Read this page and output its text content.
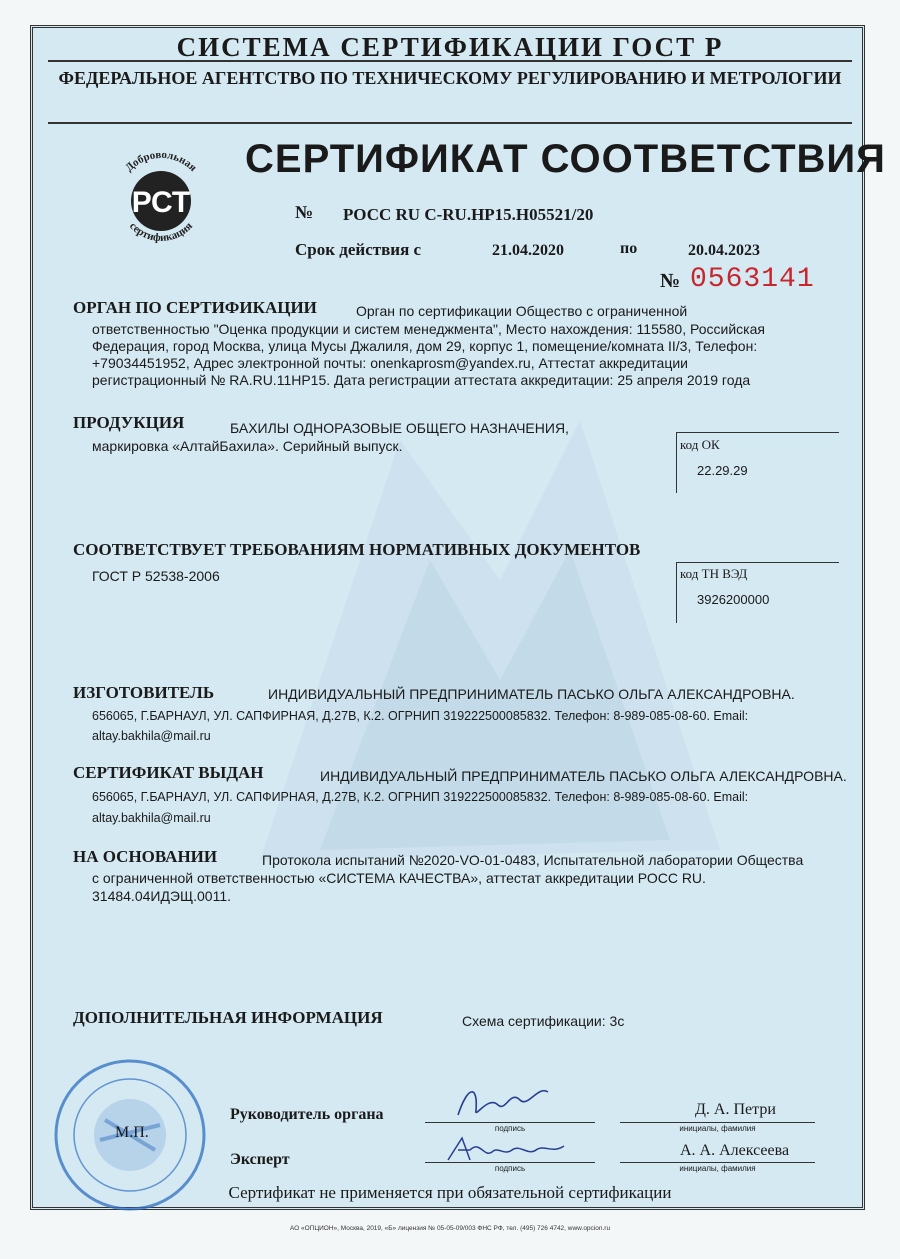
СИСТЕМА СЕРТИФИКАЦИИ ГОСТ Р
ФЕДЕРАЛЬНОЕ АГЕНТСТВО ПО ТЕХНИЧЕСКОМУ РЕГУЛИРОВАНИЮ И МЕТРОЛОГИИ
РСТ
Добровольная
сертификация
СЕРТИФИКАТ СООТВЕТСТВИЯ
№ РОСС RU C-RU.НР15.Н05521/20
Срок действия с	21.04.2020	по	20.04.2023
№ 0563141
ОРГАН ПО СЕРТИФИКАЦИИ	Орган по сертификации Общество с ограниченной
ответственностью "Оценка продукции и систем менеджмента", Место нахождения: 115580, Российская
Федерация, город Москва, улица Мусы Джалиля, дом 29, корпус 1, помещение/комната II/3, Телефон:
+79034451952, Адрес электронной почты: onenkaprosm@yandex.ru, Аттестат аккредитации
регистрационный № RA.RU.11НР15. Дата регистрации аттестата аккредитации: 25 апреля 2019 года
ПРОДУКЦИЯ	БАХИЛЫ ОДНОРАЗОВЫЕ ОБЩЕГО НАЗНАЧЕНИЯ,
маркировка «АлтайБахила». Серийный выпуск.	код ОК
22.29.29
СООТВЕТСТВУЕТ ТРЕБОВАНИЯМ НОРМАТИВНЫХ ДОКУМЕНТОВ
ГОСТ Р 52538-2006	код ТН ВЭД
3926200000
ИЗГОТОВИТЕЛЬ	ИНДИВИДУАЛЬНЫЙ ПРЕДПРИНИМАТЕЛЬ ПАСЬКО ОЛЬГА АЛЕКСАНДРОВНА.
656065, Г.БАРНАУЛ, УЛ. САПФИРНАЯ, Д.27В, К.2. ОГРНИП 319222500085832. Телефон: 8-989-085-08-60. Email:
altay.bakhila@mail.ru
СЕРТИФИКАТ ВЫДАН	ИНДИВИДУАЛЬНЫЙ ПРЕДПРИНИМАТЕЛЬ ПАСЬКО ОЛЬГА АЛЕКСАНДРОВНА.
656065, Г.БАРНАУЛ, УЛ. САПФИРНАЯ, Д.27В, К.2. ОГРНИП 319222500085832. Телефон: 8-989-085-08-60. Email:
altay.bakhila@mail.ru
НА ОСНОВАНИИ	Протокола испытаний №2020-VO-01-0483, Испытательной лаборатории Общества
с ограниченной ответственностью «СИСТЕМА КАЧЕСТВА», аттестат аккредитации РОСС RU.
31484.04ИДЭЩ.0011.
ДОПОЛНИТЕЛЬНАЯ ИНФОРМАЦИЯ	Схема сертификации: 3с
М.П.
Руководитель органа
подпись
Д. А. Петри
инициалы, фамилия
Эксперт
подпись
А. А. Алексеева
инициалы, фамилия
Сертификат не применяется при обязательной сертификации
АО «ОПЦИОН», Москва, 2019, «Б» лицензия № 05-05-09/003 ФНС РФ, тел. (495) 726 4742, www.opcion.ru
